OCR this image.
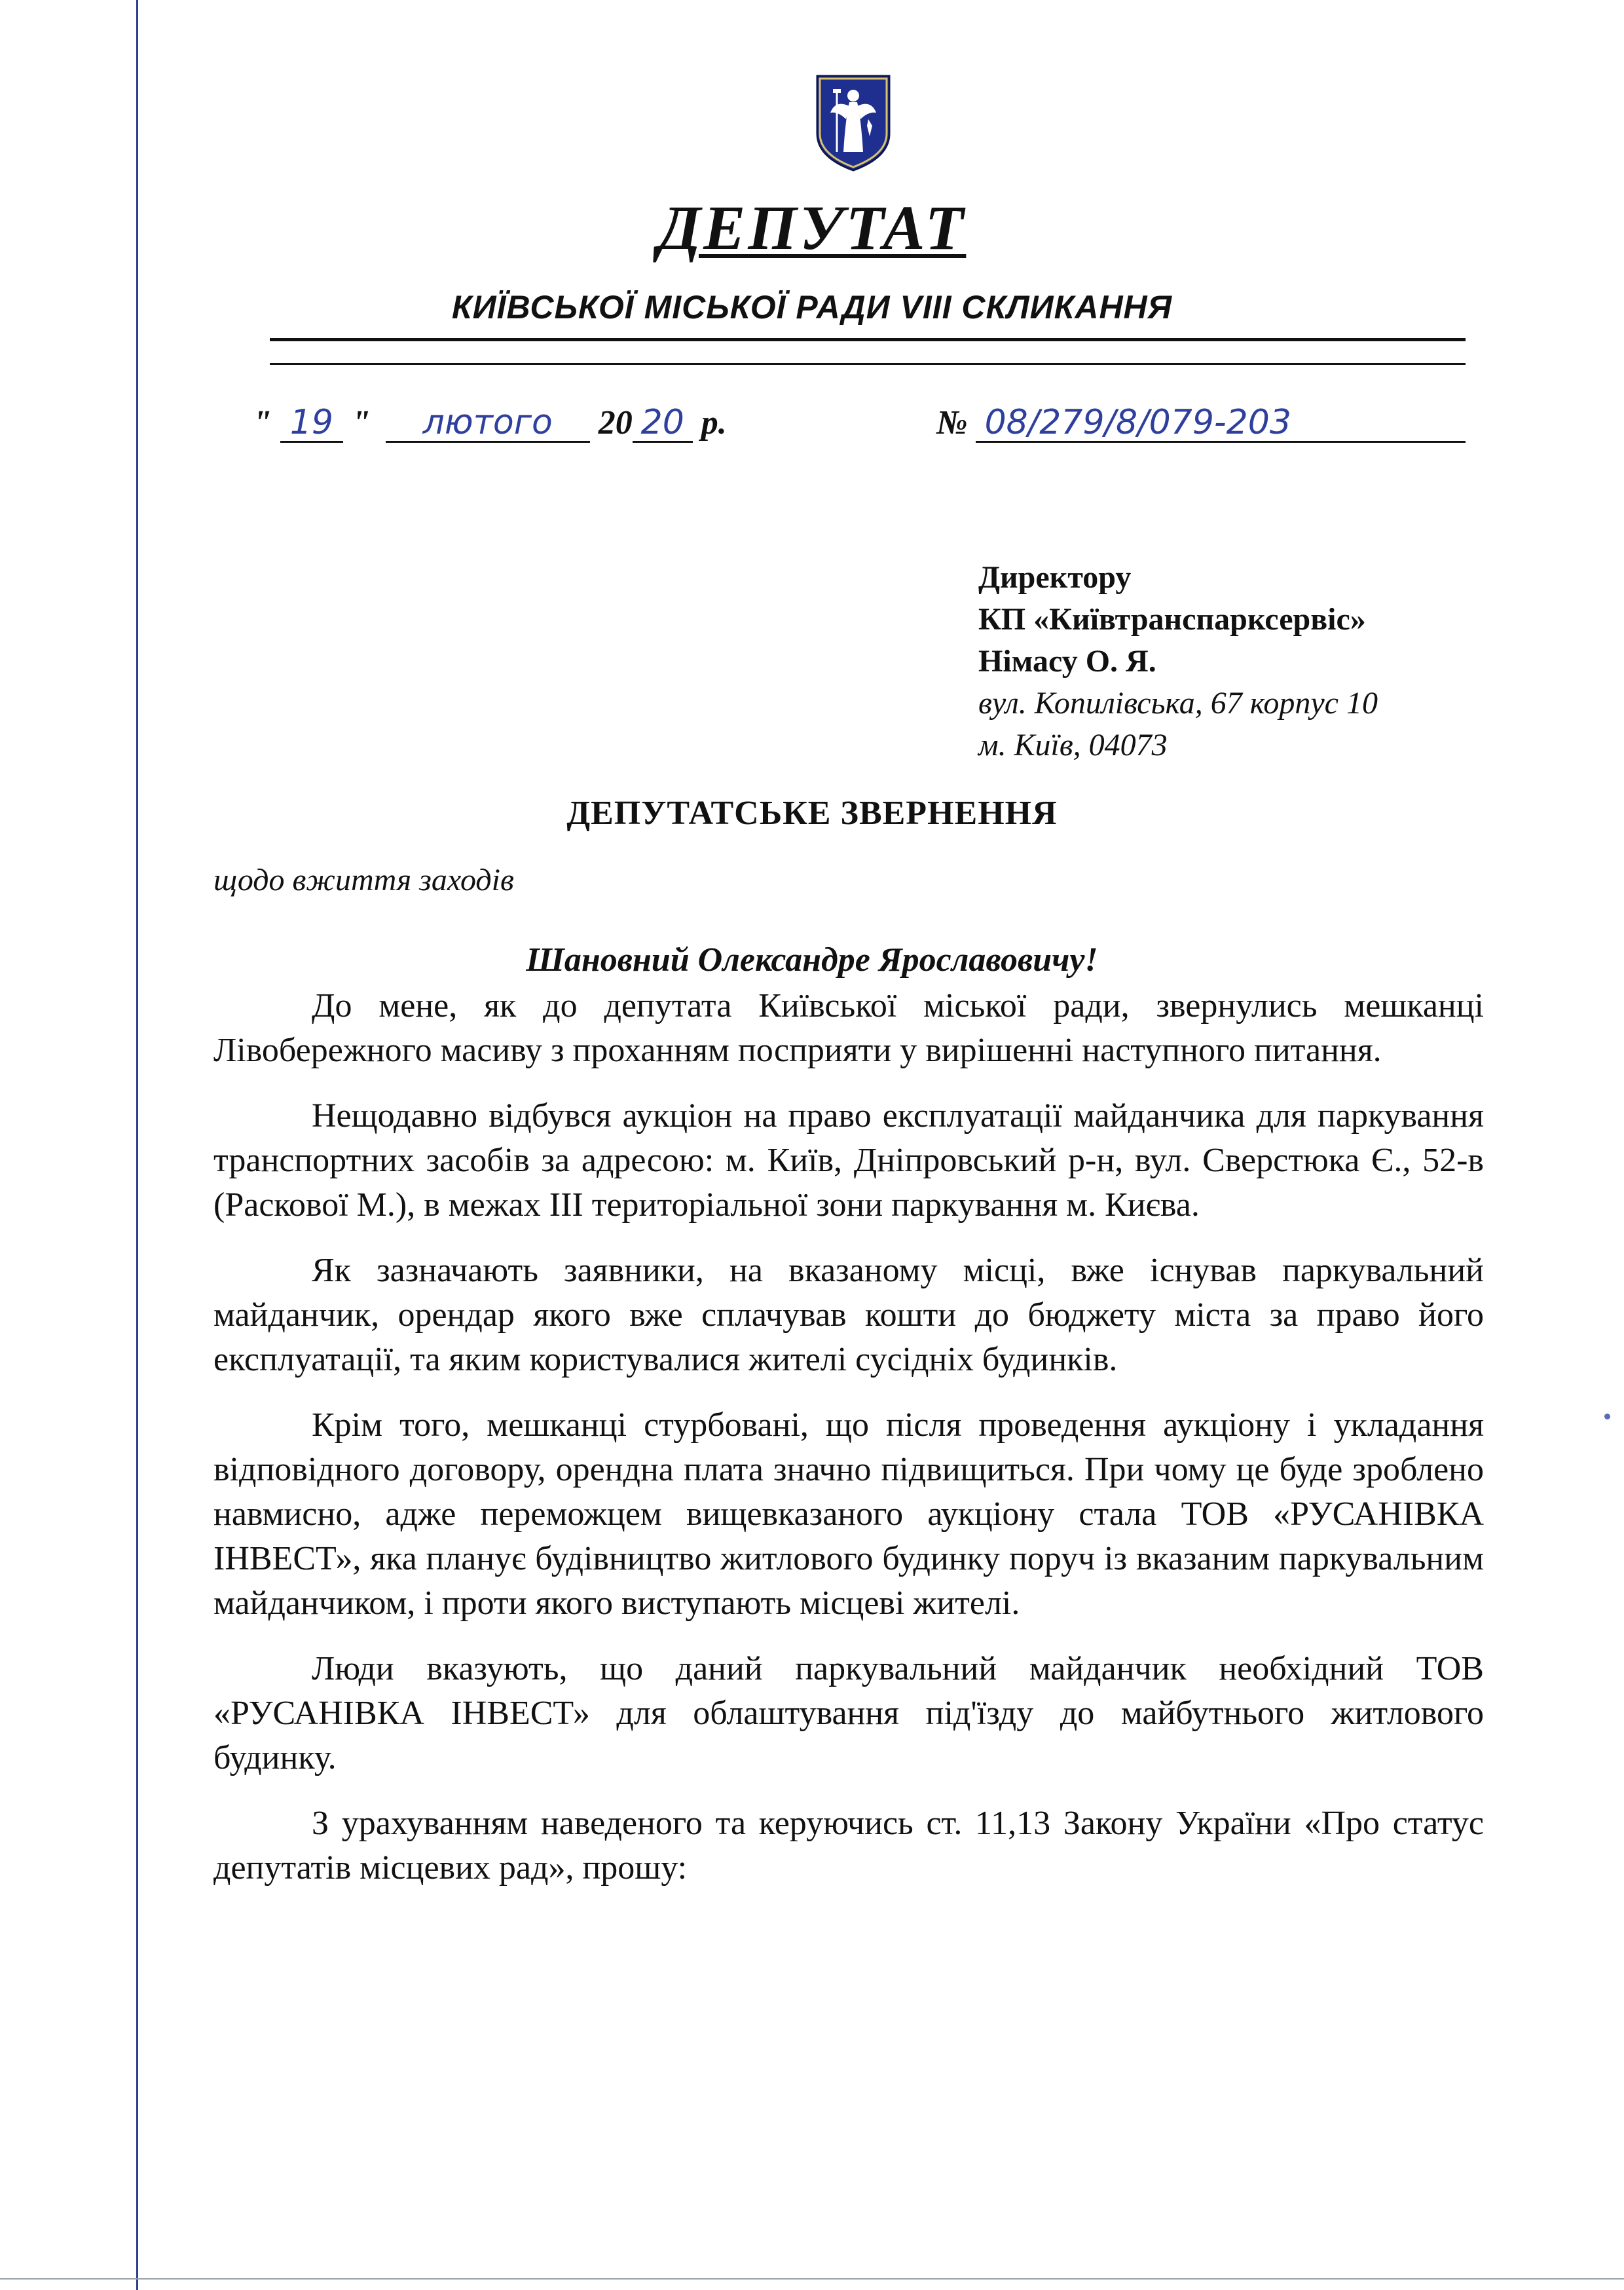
ДЕПУТАТ
КИЇВСЬКОЇ МІСЬКОЇ РАДИ VIII СКЛИКАННЯ
" 19 " лютого 20 20 р.	№ 08/279/8/079-203
Директору
КП «Київтранспарксервіс»
Німасу О. Я.
вул. Копилівська, 67 корпус 10
м. Київ, 04073
ДЕПУТАТСЬКЕ ЗВЕРНЕННЯ
щодо вжиття заходів
Шановний Олександре Ярославовичу!

До мене, як до депутата Київської міської ради, звернулись мешканці Лівобережного масиву з проханням посприяти у вирішенні наступного питання.

Нещодавно відбувся аукціон на право експлуатації майданчика для паркування транспортних засобів за адресою: м. Київ, Дніпровський р-н, вул. Сверстюка Є., 52-в (Раскової М.), в межах ІІІ територіальної зони паркування м. Києва.

Як зазначають заявники, на вказаному місці, вже існував паркувальний майданчик, орендар якого вже сплачував кошти до бюджету міста за право його експлуатації, та яким користувалися жителі сусідніх будинків.

Крім того, мешканці стурбовані, що після проведення аукціону і укладання відповідного договору, орендна плата значно підвищиться. При чому це буде зроблено навмисно, адже переможцем вищевказаного аукціону стала ТОВ «РУСАНІВКА ІНВЕСТ», яка планує будівництво житлового будинку поруч із вказаним паркувальним майданчиком, і проти якого виступають місцеві жителі.

Люди вказують, що даний паркувальний майданчик необхідний ТОВ «РУСАНІВКА ІНВЕСТ» для облаштування під'їзду до майбутнього житлового будинку.

З урахуванням наведеного та керуючись ст. 11,13 Закону України «Про статус депутатів місцевих рад», прошу:
